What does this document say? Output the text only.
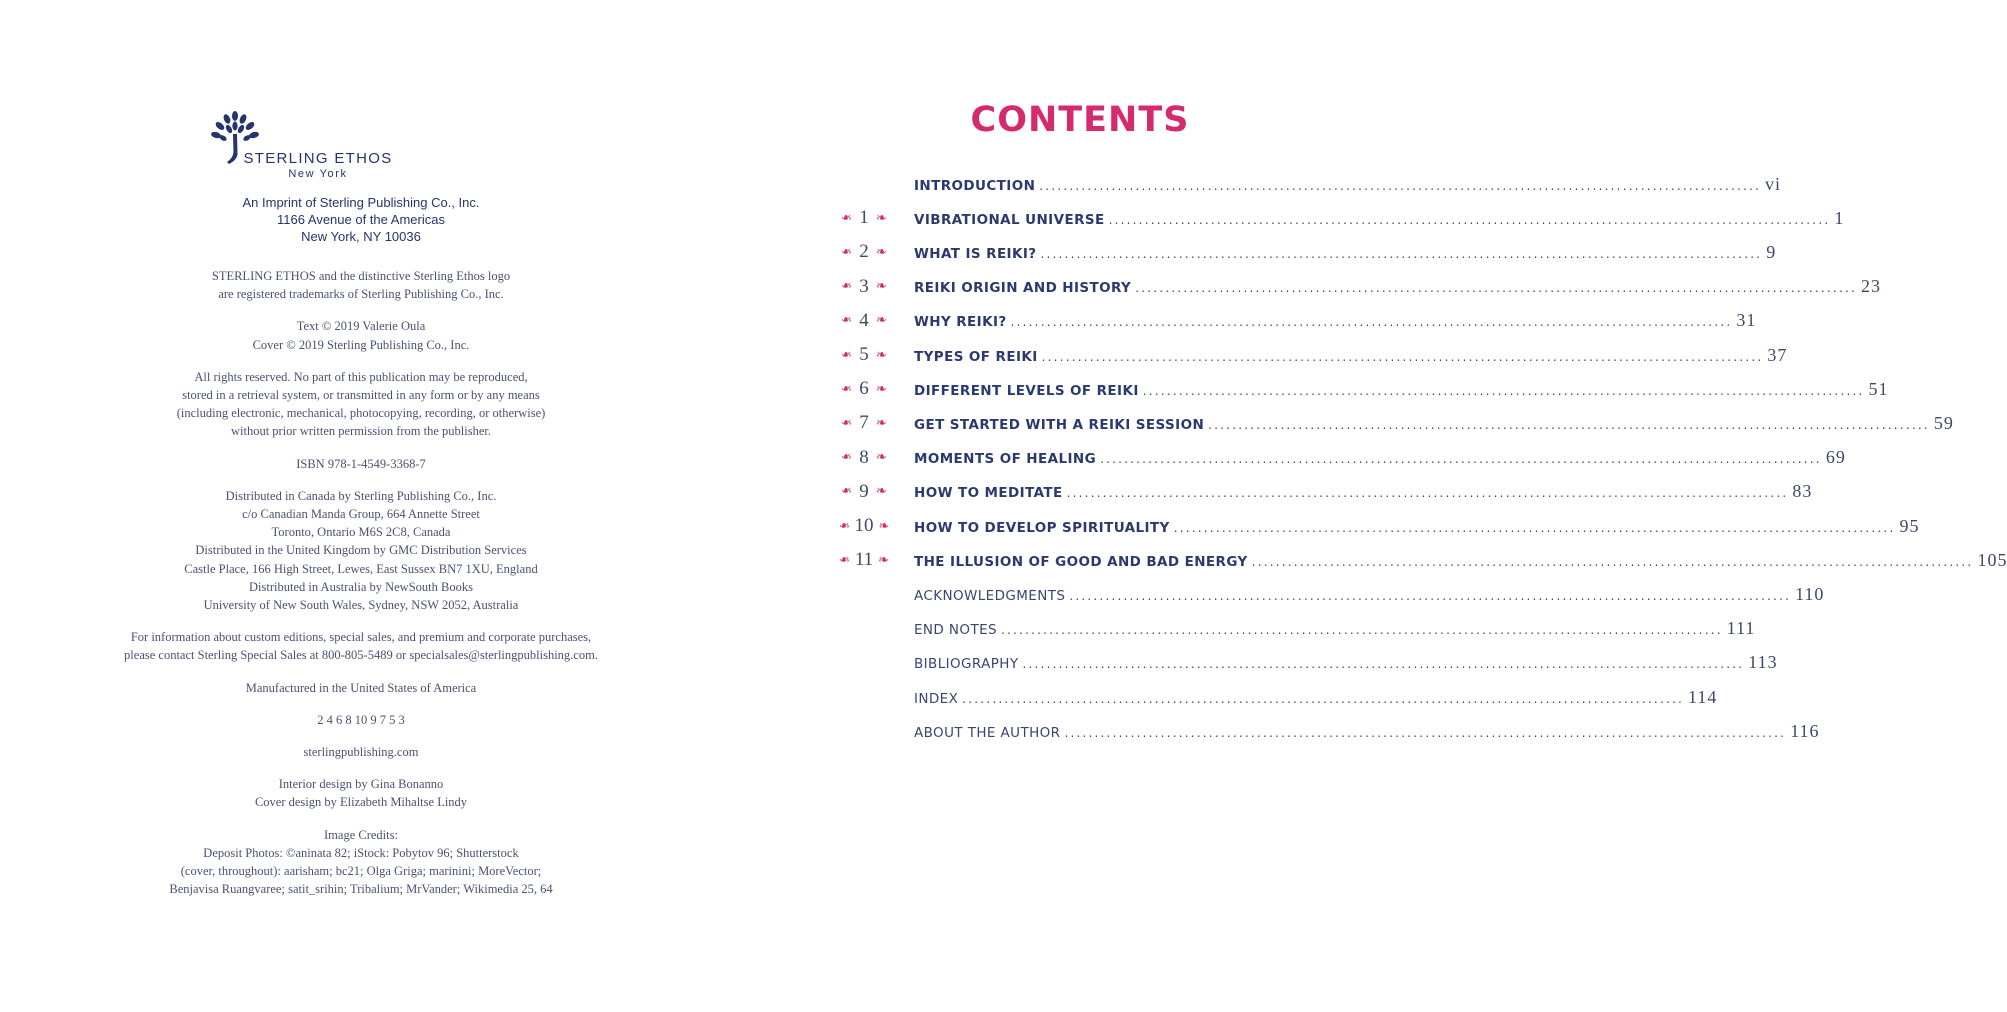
STERLING ETHOS
New York
An Imprint of Sterling Publishing Co., Inc.
1166 Avenue of the Americas
New York, NY 10036

STERLING ETHOS and the distinctive Sterling Ethos logo

are registered trademarks of Sterling Publishing Co., Inc.

Text © 2019 Valerie Oula

Cover © 2019 Sterling Publishing Co., Inc.

All rights reserved. No part of this publication may be reproduced,

stored in a retrieval system, or transmitted in any form or by any means

(including electronic, mechanical, photocopying, recording, or otherwise)

without prior written permission from the publisher.

ISBN 978-1-4549-3368-7

Distributed in Canada by Sterling Publishing Co., Inc.

c/o Canadian Manda Group, 664 Annette Street

Toronto, Ontario M6S 2C8, Canada

Distributed in the United Kingdom by GMC Distribution Services

Castle Place, 166 High Street, Lewes, East Sussex BN7 1XU, England

Distributed in Australia by NewSouth Books

University of New South Wales, Sydney, NSW 2052, Australia

For information about custom editions, special sales, and premium and corporate purchases,

please contact Sterling Special Sales at 800-805-5489 or specialsales@sterlingpublishing.com.

Manufactured in the United States of America

2 4 6 8 10 9 7 5 3

sterlingpublishing.com

Interior design by Gina Bonanno

Cover design by Elizabeth Mihaltse Lindy

Image Credits:

Deposit Photos: ©aninata 82; iStock: Pobytov 96; Shutterstock

(cover, throughout): aarisham; bc21; Olga Griga; marinini; MoreVector;

Benjavisa Ruangvaree; satit_srihin; Tribalium; MrVander; Wikimedia 25, 64

CONTENTS
INTRODUCTION ........................................................................................................................ vi
❧ 1 ❧ VIBRATIONAL UNIVERSE ........................................................................................................................ 1
❧ 2 ❧ WHAT IS REIKI? ........................................................................................................................ 9
❧ 3 ❧ REIKI ORIGIN AND HISTORY ........................................................................................................................ 23
❧ 4 ❧ WHY REIKI? ........................................................................................................................ 31
❧ 5 ❧ TYPES OF REIKI ........................................................................................................................ 37
❧ 6 ❧ DIFFERENT LEVELS OF REIKI ........................................................................................................................ 51
❧ 7 ❧ GET STARTED WITH A REIKI SESSION ........................................................................................................................ 59
❧ 8 ❧ MOMENTS OF HEALING ........................................................................................................................ 69
❧ 9 ❧ HOW TO MEDITATE ........................................................................................................................ 83
❧ 10 ❧ HOW TO DEVELOP SPIRITUALITY ........................................................................................................................ 95
❧ 11 ❧ THE ILLUSION OF GOOD AND BAD ENERGY ........................................................................................................................ 105
ACKNOWLEDGMENTS ........................................................................................................................ 110
END NOTES ........................................................................................................................ 111
BIBLIOGRAPHY ........................................................................................................................ 113
INDEX ........................................................................................................................ 114
ABOUT THE AUTHOR ........................................................................................................................ 116
